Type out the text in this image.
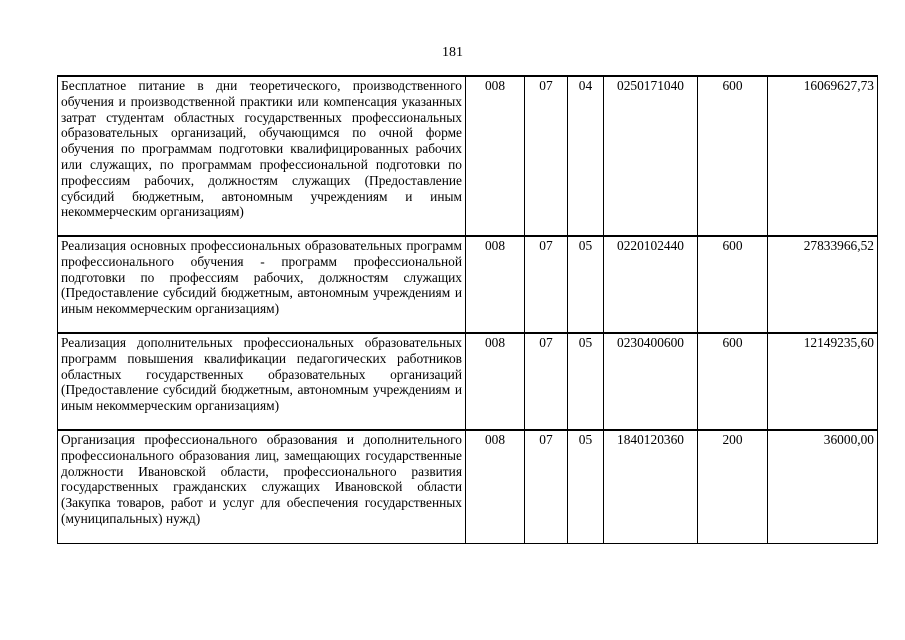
181
Бесплатное питание в дни теоретического, производственного обучения и производственной практики или компенсация указанных затрат студентам областных государственных профессиональных образовательных организаций, обучающимся по очной форме обучения по программам подготовки квалифицированных рабочих или служащих, по программам профессиональной подготовки по профессиям рабочих, должностям служащих (Предоставление субсидий бюджетным, автономным учреждениям и иным некоммерческим организациям)	008	07	04	0250171040	600	16069627,73
Реализация основных профессиональных образовательных программ профессионального обучения - программ профессиональной подготовки по профессиям рабочих, должностям служащих (Предоставление субсидий бюджетным, автономным учреждениям и иным некоммерческим организациям)	008	07	05	0220102440	600	27833966,52
Реализация дополнительных профессиональных образовательных программ повышения квалификации педагогических работников областных государственных образовательных организаций (Предоставление субсидий бюджетным, автономным учреждениям и иным некоммерческим организациям)	008	07	05	0230400600	600	12149235,60
Организация профессионального образования и дополнительного профессионального образования лиц, замещающих государственные должности Ивановской области, профессионального развития государственных гражданских служащих Ивановской области (Закупка товаров, работ и услуг для обеспечения государственных (муниципальных) нужд)	008	07	05	1840120360	200	36000,00
